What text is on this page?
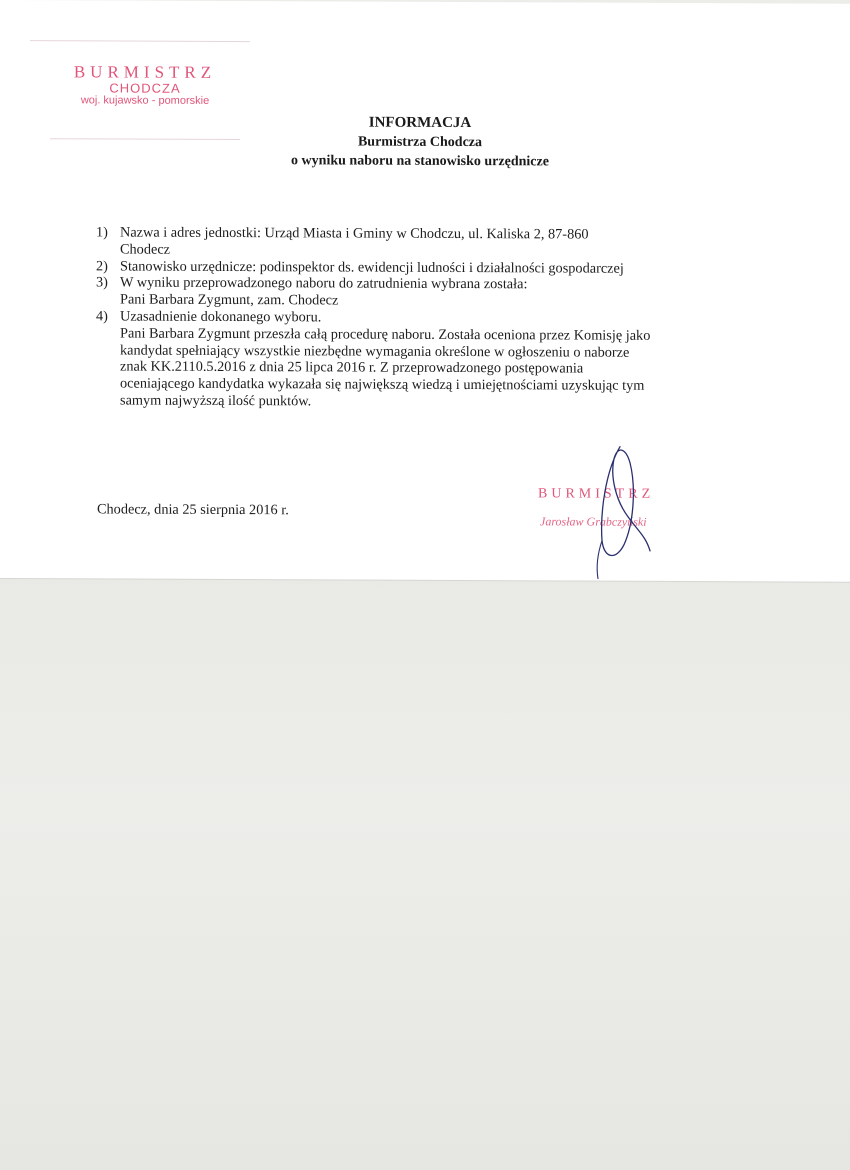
BURMISTRZ
CHODCZA
woj. kujawsko - pomorskie
INFORMACJA
Burmistrza Chodcza
o wyniku naboru na stanowisko urzędnicze
1) Nazwa i adres jednostki: Urząd Miasta i Gminy w Chodczu, ul. Kaliska 2, 87-860
Chodecz
2) Stanowisko urzędnicze: podinspektor ds. ewidencji ludności i działalności gospodarczej
3) W wyniku przeprowadzonego naboru do zatrudnienia wybrana została:
Pani Barbara Zygmunt, zam. Chodecz
4) Uzasadnienie dokonanego wyboru.
Pani Barbara Zygmunt przeszła całą procedurę naboru. Została oceniona przez Komisję jako
kandydat spełniający wszystkie niezbędne wymagania określone w ogłoszeniu o naborze
znak KK.2110.5.2016 z dnia 25 lipca 2016 r. Z przeprowadzonego postępowania
oceniającego kandydatka wykazała się największą wiedzą i umiejętnościami uzyskując tym
samym najwyższą ilość punktów.
Chodecz, dnia 25 sierpnia 2016 r.
BURMISTRZ
Jarosław Grabczyński
